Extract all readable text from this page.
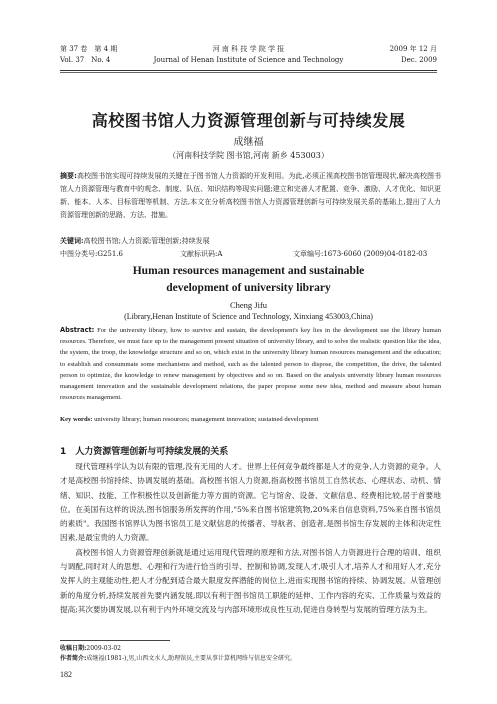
第 37 卷　第 4 期	河 南 科 技 学 院 学 报	2009 年 12 月
Vol. 37　No. 4	Journal of Henan Institute of Science and Technology	Dec. 2009
高校图书馆人力资源管理创新与可持续发展
成继福
（河南科技学院 图书馆,河南 新乡 453003）
摘要:高校图书馆实现可持续发展的关键在于图书馆人力资源的开发利用。为此,必须正视高校图书馆管理现状,解决高校图书馆人力资源管理与教育中的观念、制度、队伍、知识结构等现实问题;建立和完善人才配置、竞争、激励、人才优化、知识更新、能本、人本、目标管理等机制、方法,本文在分析高校图书馆人力资源管理创新与可持续发展关系的基础上,提出了人力资源管理创新的思路、方法、措施。
关键词:高校图书馆;人力资源;管理创新;持续发展
中图分类号:G251.6	文献标识码:A	文章编号:1673-6060 (2009)04-0182-03
Human resources management and sustainable
development of university library
Cheng Jifu
(Library,Henan Institute of Science and Technology, Xinxiang 453003,China)
Abstract: For the university library, how to survive and sustain, the development's key lies in the development use the library human resources. Therefore, we must face up to the management present situation of university library, and to solve the realistic question like the idea, the system, the troop, the knowledge structure and so on, which exist in the university library human resources management and the education; to establish and consummate some mechanisms and method, such as the talented person to dispose, the competition, the drive, the talented person to optimize, the knowledge to renew management by objectives and so on. Based on the analysis university library human resources management innovation and the sustainable development relations, the paper propose some new idea, method and measure about human resources management.
Key words: university library; human resources; management innovation; sustained development
1　人力资源管理创新与可持续发展的关系

现代管理科学认为以有限的管理,没有无用的人才。世界上任何竞争最终都是人才的竞争,人力资源的竞争。人才是高校图书馆持续、协调发展的基础。高校图书馆人力资源,指高校图书馆员工自然状态、心理状态、动机、情绪、知识、技能、工作积极性以及创新能力等方面的资源。它与馆舍、设备、文献信息、经费相比较,居于首要地位。在美国有这样的说法,图书馆服务所发挥的作用,"5%来自图书馆建筑物,20%来自信息资料,75%来自图书馆员的素质"。我国图书馆界认为图书馆员工是文献信息的传播者、导航者、创造者,是图书馆生存发展的主体和决定性因素,是最宝贵的人力资源。

高校图书馆人力资源管理创新就是通过运用现代管理的原理和方法,对图书馆人力资源进行合理的培训、组织与调配,同时对人的思想、心理和行为进行恰当的引导、控制和协调,发现人才,吸引人才,培养人才和用好人才,充分发挥人的主观能动性,把人才分配到适合最大限度发挥潜能的岗位上,进而实现图书馆的持续、协调发展。从管理创新的角度分析,持续发展首先要内涵发展,即以有利于图书馆员工职能的延伸、工作内容的充实、工作质量与效益的提高;其次要协调发展,以有利于内外环境交流及与内部环境形成良性互动,促进自身转型与发展的管理方法为主。

收稿日期:2009-03-02
作者简介:成继福(1981-),男,山西文水人,助理馆员,主要从事计算机网络与信息安全研究。
182
